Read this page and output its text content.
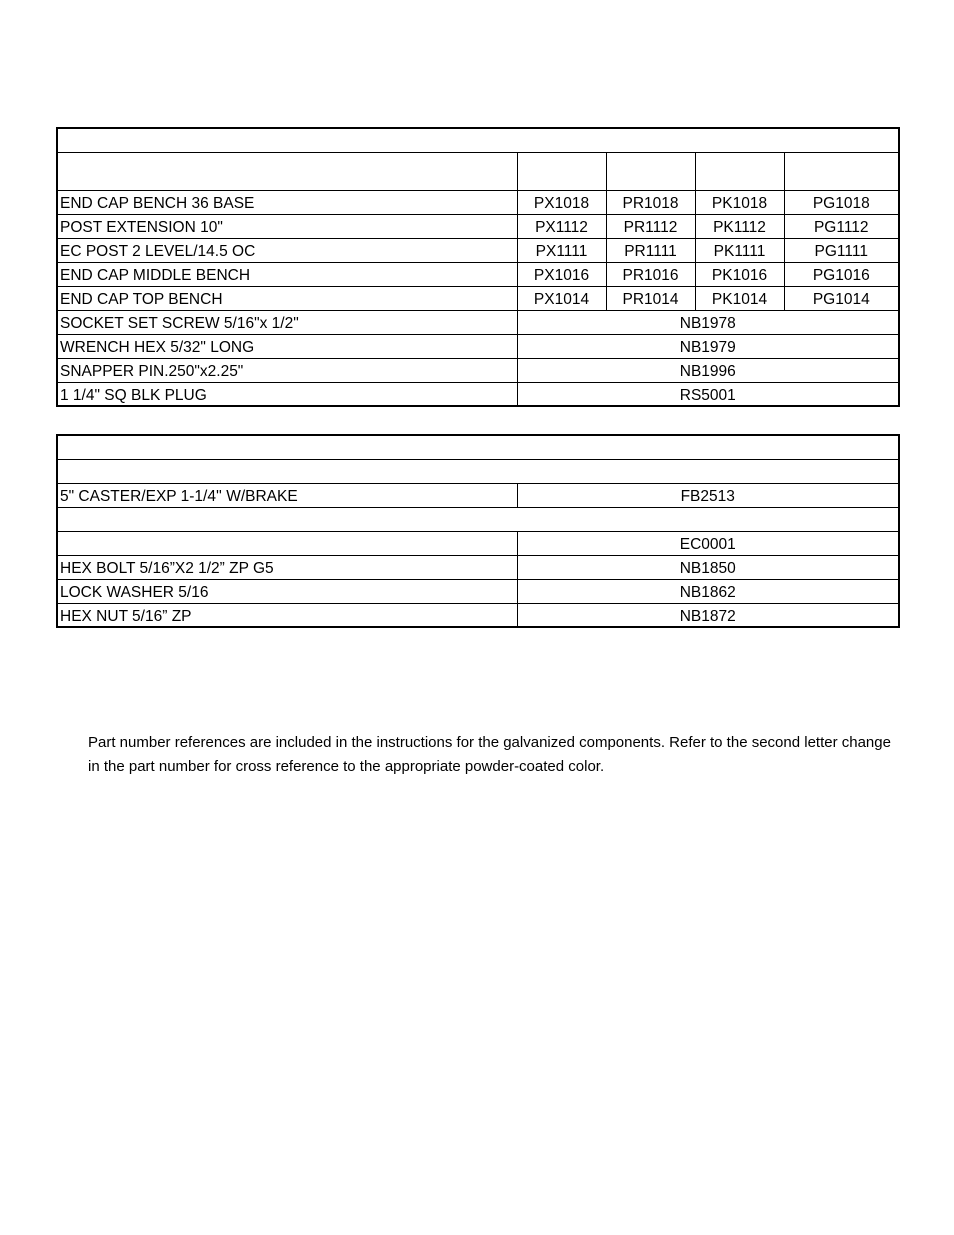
END CAP BENCH 36 BASE	PX1018	PR1018	PK1018	PG1018
POST EXTENSION 10"	PX1112	PR1112	PK1112	PG1112
EC POST 2 LEVEL/14.5 OC	PX1111	PR1111	PK1111	PG1111
END CAP MIDDLE BENCH	PX1016	PR1016	PK1016	PG1016
END CAP TOP BENCH	PX1014	PR1014	PK1014	PG1014
SOCKET SET SCREW 5/16"x 1/2"	NB1978			
WRENCH HEX 5/32" LONG	NB1979			
SNAPPER PIN.250"x2.25"	NB1996			
1 1/4" SQ BLK PLUG	RS5001			

5" CASTER/EXP 1-1/4'' W/BRAKE	FB2513

	EC0001
HEX BOLT 5/16”X2 1/2” ZP G5	NB1850
LOCK WASHER 5/16	NB1862
HEX NUT 5/16” ZP	NB1872

Part number references are included in the instructions for the galvanized components. Refer to the second letter change in the part number for cross reference to the appropriate powder-coated color.
